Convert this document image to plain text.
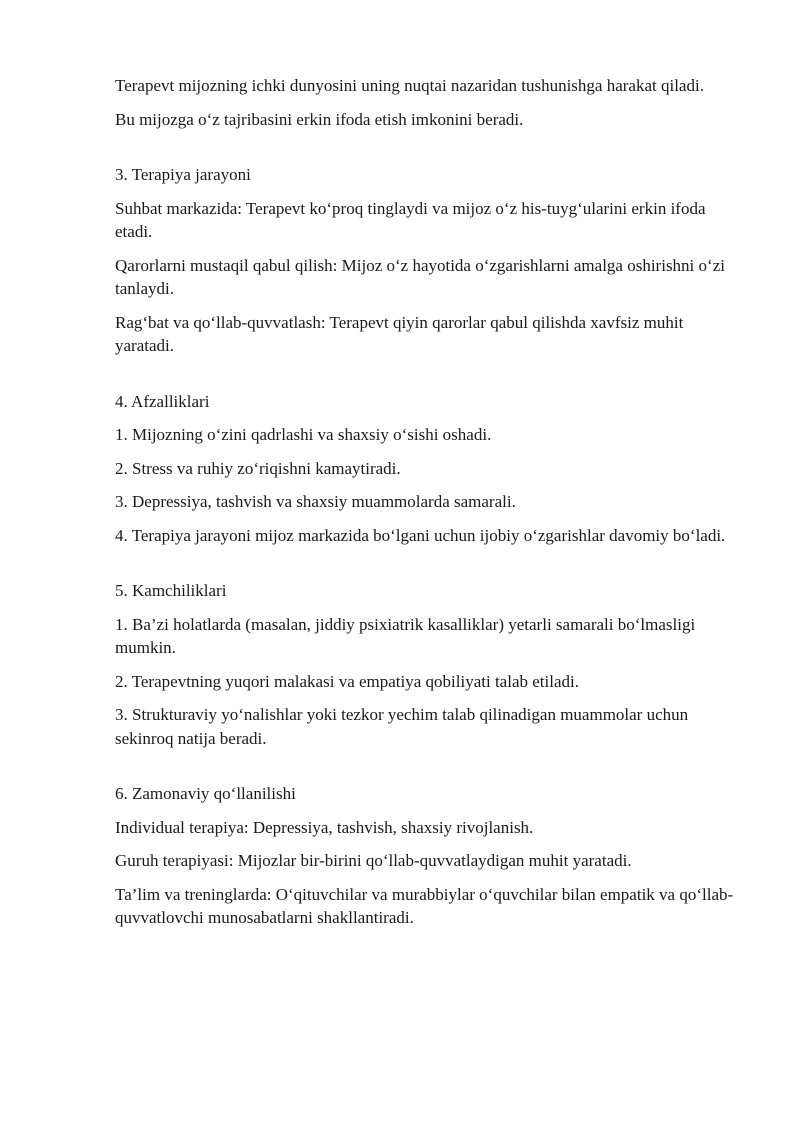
Terapevt mijozning ichki dunyosini uning nuqtai nazaridan tushunishga harakat qiladi.

Bu mijozga o‘z tajribasini erkin ifoda etish imkonini beradi.

3. Terapiya jarayoni

Suhbat markazida: Terapevt ko‘proq tinglaydi va mijoz o‘z his-tuyg‘ularini erkin ifoda etadi.

Qarorlarni mustaqil qabul qilish: Mijoz o‘z hayotida o‘zgarishlarni amalga oshirishni o‘zi tanlaydi.

Rag‘bat va qo‘llab-quvvatlash: Terapevt qiyin qarorlar qabul qilishda xavfsiz muhit yaratadi.

4. Afzalliklari

1. Mijozning o‘zini qadrlashi va shaxsiy o‘sishi oshadi.

2. Stress va ruhiy zo‘riqishni kamaytiradi.

3. Depressiya, tashvish va shaxsiy muammolarda samarali.

4. Terapiya jarayoni mijoz markazida bo‘lgani uchun ijobiy o‘zgarishlar davomiy bo‘ladi.

5. Kamchiliklari

1. Ba’zi holatlarda (masalan, jiddiy psixiatrik kasalliklar) yetarli samarali bo‘lmasligi mumkin.

2. Terapevtning yuqori malakasi va empatiya qobiliyati talab etiladi.

3. Strukturaviy yo‘nalishlar yoki tezkor yechim talab qilinadigan muammolar uchun sekinroq natija beradi.

6. Zamonaviy qo‘llanilishi

Individual terapiya: Depressiya, tashvish, shaxsiy rivojlanish.

Guruh terapiyasi: Mijozlar bir-birini qo‘llab-quvvatlaydigan muhit yaratadi.

Ta’lim va treninglarda: O‘qituvchilar va murabbiylar o‘quvchilar bilan empatik va qo‘llab-quvvatlovchi munosabatlarni shakllantiradi.
